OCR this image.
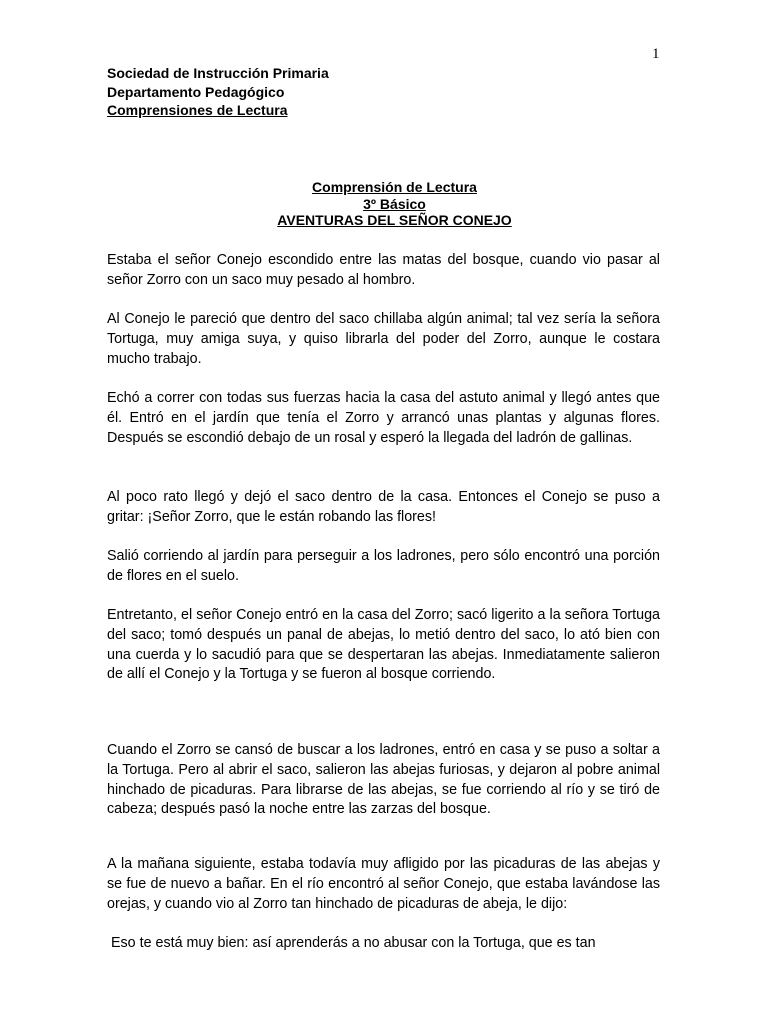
1
Sociedad de Instrucción Primaria
Departamento Pedagógico
Comprensiones de Lectura
Comprensión de Lectura
3º Básico
AVENTURAS DEL SEÑOR CONEJO

Estaba el señor Conejo escondido entre las matas del bosque, cuando vio pasar al señor Zorro con un saco muy pesado al hombro.

Al Conejo le pareció que dentro del saco chillaba algún animal; tal vez sería la señora Tortuga, muy amiga suya, y quiso librarla del poder del Zorro, aunque le costara mucho trabajo.

Echó a correr con todas sus fuerzas hacia la casa del astuto animal y llegó antes que él. Entró en el jardín que tenía el Zorro y arrancó unas plantas y algunas flores. Después se escondió debajo de un rosal y esperó la llegada del ladrón de gallinas.

Al poco rato llegó y dejó el saco dentro de la casa. Entonces el Conejo se puso a gritar: ¡Señor Zorro, que le están robando las flores!

Salió corriendo al jardín para perseguir a los ladrones, pero sólo encontró una porción de flores en el suelo.

Entretanto, el señor Conejo entró en la casa del Zorro; sacó ligerito a la señora Tortuga del saco; tomó después un panal de abejas, lo metió dentro del saco, lo ató bien con una cuerda y lo sacudió para que se despertaran las abejas. Inmediatamente salieron de allí el Conejo y la Tortuga y se fueron al bosque corriendo.

Cuando el Zorro se cansó de buscar a los ladrones, entró en casa y se puso a soltar a la Tortuga. Pero al abrir el saco, salieron las abejas furiosas, y dejaron al pobre animal hinchado de picaduras. Para librarse de las abejas, se fue corriendo al río y se tiró de cabeza; después pasó la noche entre las zarzas del bosque.

A la mañana siguiente, estaba todavía muy afligido por las picaduras de las abejas y se fue de nuevo a bañar. En el río encontró al señor Conejo, que estaba lavándose las orejas, y cuando vio al Zorro tan hinchado de picaduras de abeja, le dijo:

Eso te está muy bien: así aprenderás a no abusar con la Tortuga, que es tan
